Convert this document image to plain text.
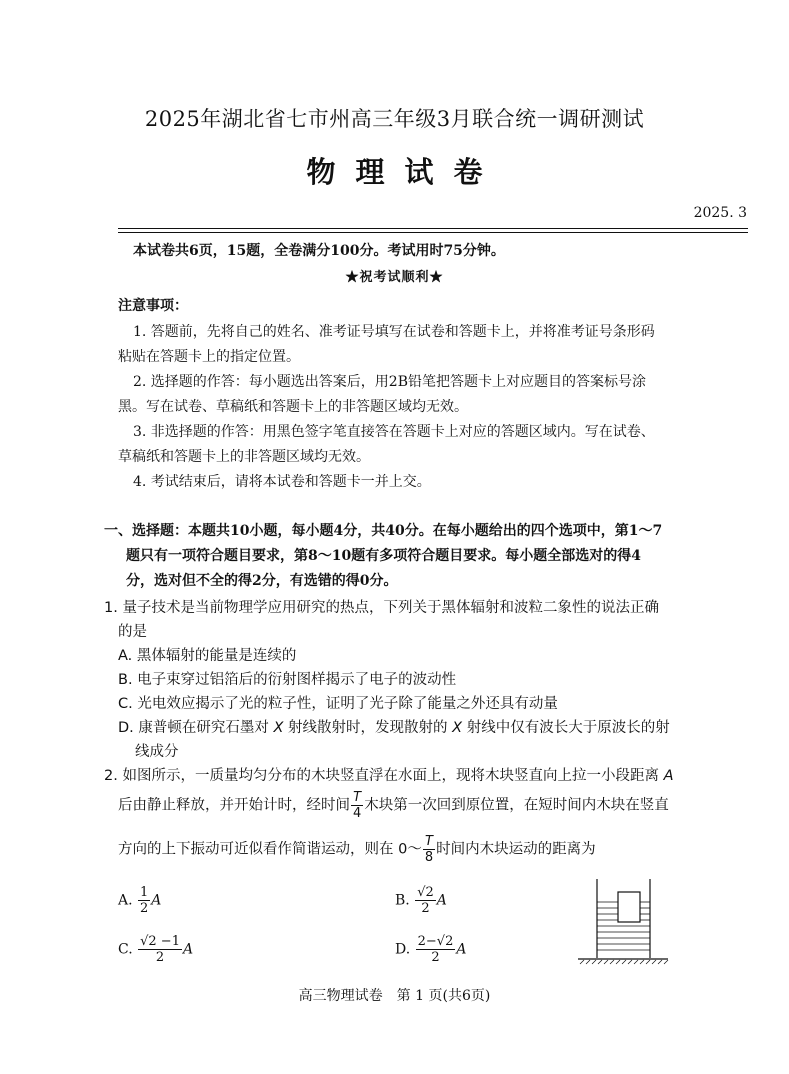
2025年湖北省七市州高三年级3月联合统一调研测试
物理试卷
2025. 3
本试卷共6页，15题，全卷满分100分。考试用时75分钟。
★祝考试顺利★
注意事项：
1. 答题前，先将自己的姓名、准考证号填写在试卷和答题卡上，并将准考证号条形码
粘贴在答题卡上的指定位置。
2. 选择题的作答：每小题选出答案后，用2B铅笔把答题卡上对应题目的答案标号涂
黑。写在试卷、草稿纸和答题卡上的非答题区域均无效。
3. 非选择题的作答：用黑色签字笔直接答在答题卡上对应的答题区域内。写在试卷、
草稿纸和答题卡上的非答题区域均无效。
4. 考试结束后，请将本试卷和答题卡一并上交。
一、选择题：本题共10小题，每小题4分，共40分。在每小题给出的四个选项中，第1～7
题只有一项符合题目要求，第8～10题有多项符合题目要求。每小题全部选对的得4
分，选对但不全的得2分，有选错的得0分。
1. 量子技术是当前物理学应用研究的热点，下列关于黑体辐射和波粒二象性的说法正确
的是
A. 黑体辐射的能量是连续的
B. 电子束穿过铝箔后的衍射图样揭示了电子的波动性
C. 光电效应揭示了光的粒子性，证明了光子除了能量之外还具有动量
D. 康普顿在研究石墨对 X 射线散射时，发现散射的 X 射线中仅有波长大于原波长的射
线成分
2. 如图所示，一质量均匀分布的木块竖直浮在水面上，现将木块竖直向上拉一小段距离 A
后由静止释放，并开始计时，经时间 $\frac{T}{4}$ 木块第一次回到原位置，在短时间内木块在竖直
方向的上下振动可近似看作简谐运动，则在 0～ $\frac{T}{8}$ 时间内木块运动的距离为
A. $\frac{1}{2}$ A	B. $\frac{√2}{2}$ A
C. $\frac{√2 -1}{2}$ A	D. $\frac{2-√2}{2}$ A
高三物理试卷　第 1 页(共6页)
